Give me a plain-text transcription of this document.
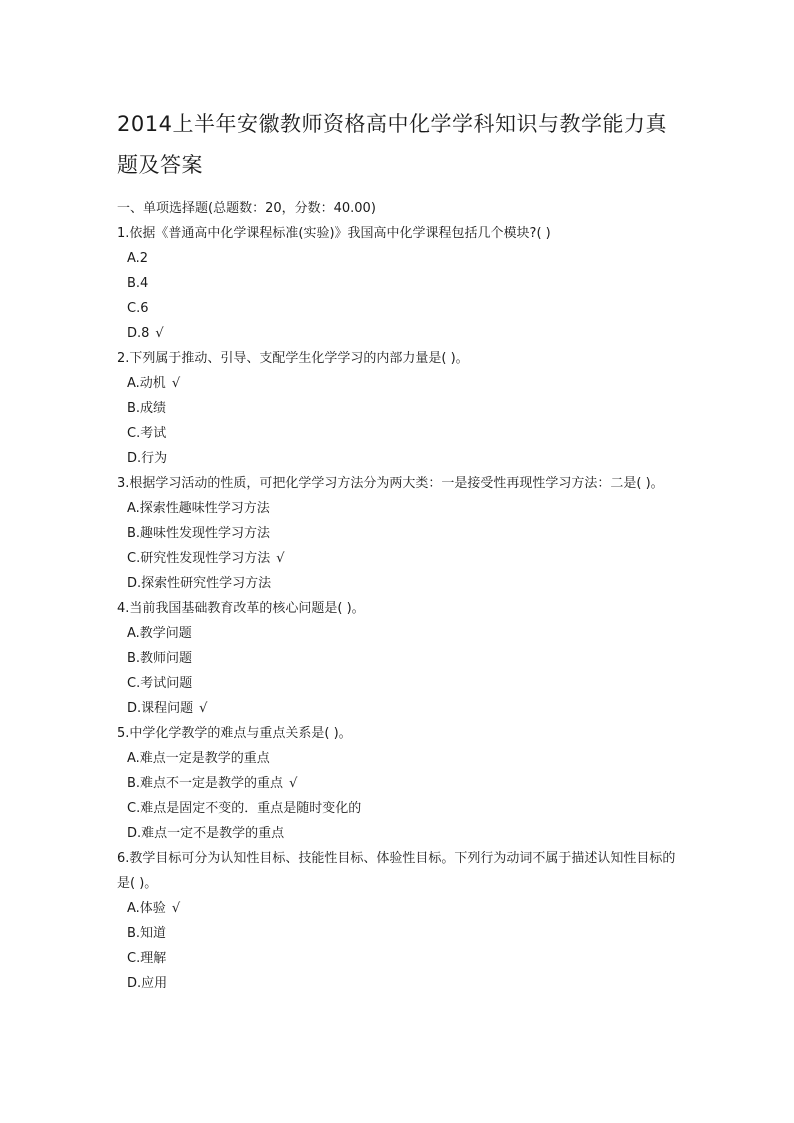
2014上半年安徽教师资格高中化学学科知识与教学能力真题及答案
一、单项选择题(总题数：20，分数：40.00)
1.依据《普通高中化学课程标准(实验)》我国高中化学课程包括几个模块?( )
A.2
B.4
C.6
D.8 √
2.下列属于推动、引导、支配学生化学学习的内部力量是( )。
A.动机 √
B.成绩
C.考试
D.行为
3.根据学习活动的性质，可把化学学习方法分为两大类：一是接受性再现性学习方法：二是( )。
A.探索性趣味性学习方法
B.趣味性发现性学习方法
C.研究性发现性学习方法 √
D.探索性研究性学习方法
4.当前我国基础教育改革的核心问题是( )。
A.教学问题
B.教师问题
C.考试问题
D.课程问题 √
5.中学化学教学的难点与重点关系是( )。
A.难点一定是教学的重点
B.难点不一定是教学的重点 √
C.难点是固定不变的．重点是随时变化的
D.难点一定不是教学的重点
6.教学目标可分为认知性目标、技能性目标、体验性目标。下列行为动词不属于描述认知性目标的是( )。
A.体验 √
B.知道
C.理解
D.应用
